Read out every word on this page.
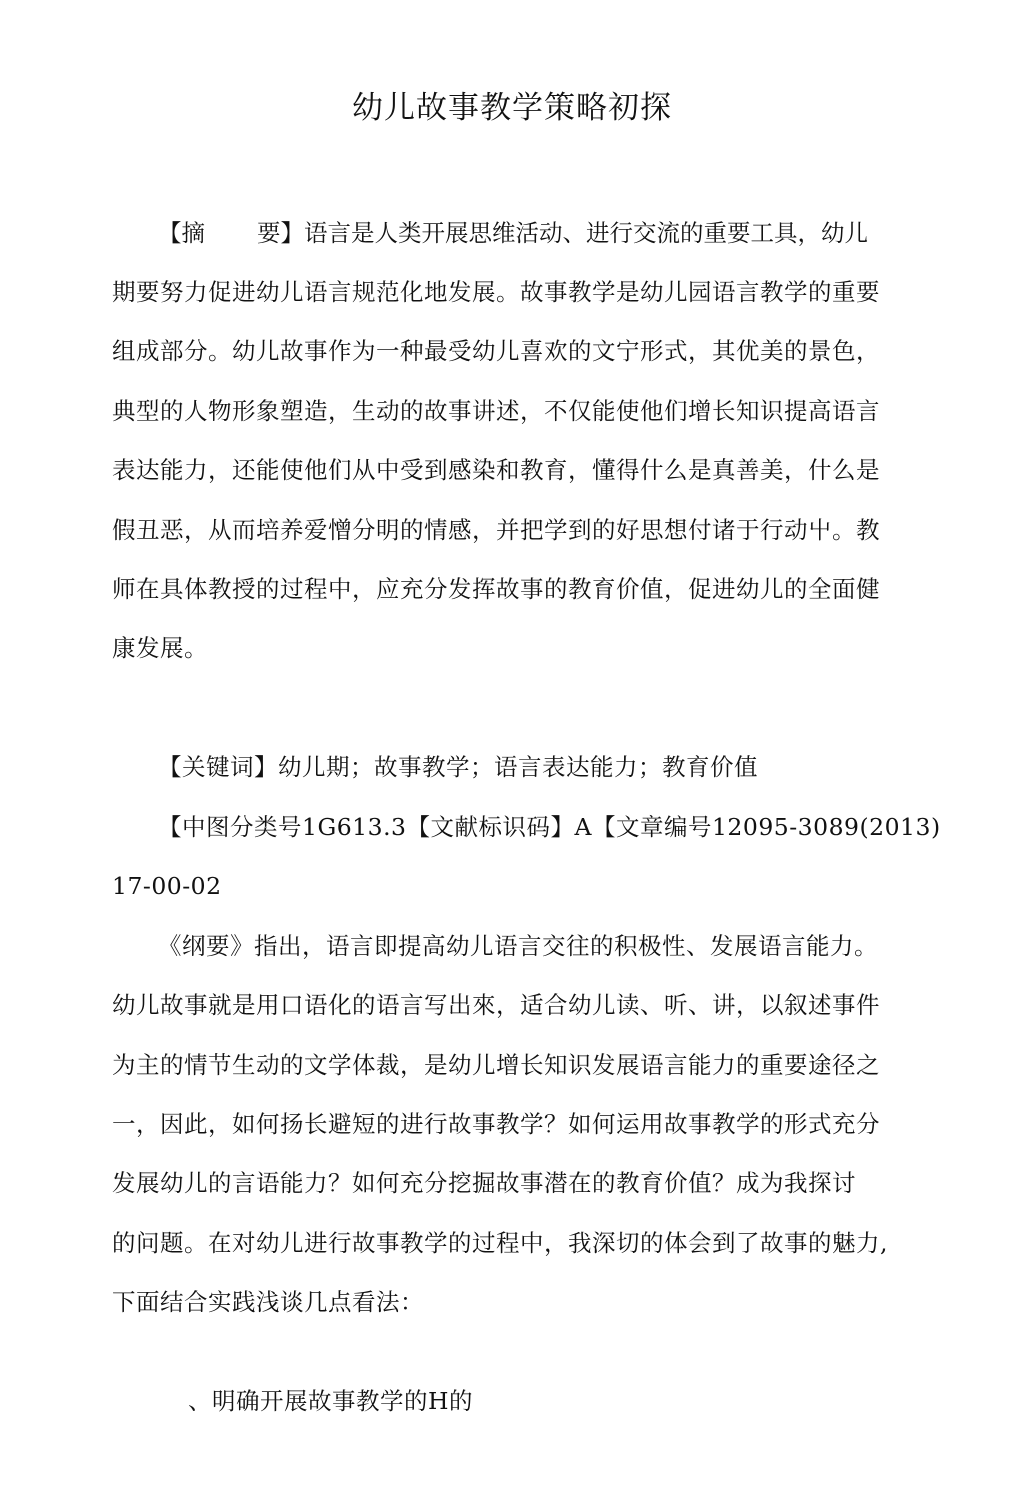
幼儿故事教学策略初探
【摘 要】语言是人类开展思维活动、进行交流的重要工具，幼儿
期要努力促进幼儿语言规范化地发展。故事教学是幼儿园语言教学的重要
组成部分。幼儿故事作为一种最受幼儿喜欢的文宁形式，其优美的景色，
典型的人物形象塑造，生动的故事讲述，不仅能使他们增长知识提高语言
表达能力，还能使他们从中受到感染和教育，懂得什么是真善美，什么是
假丑恶，从而培养爱憎分明的情感，并把学到的好思想付诸于行动屮。教
师在具体教授的过程中，应充分发挥故事的教育价值，促进幼儿的全面健
康发展。
【关键词】幼儿期；故事教学；语言表达能力；教育价值
【中图分类号1G613.3【文献标识码】A【文章编号12095-3089(2013)
17-00-02
《纲要》指出，语言即提高幼儿语言交往的积极性、发展语言能力。
幼儿故事就是用口语化的语言写出來，适合幼儿读、听、讲，以叙述事件
为主的情节生动的文学体裁，是幼儿增长知识发展语言能力的重要途径之
一，因此，如何扬长避短的进行故事教学？如何运用故事教学的形式充分
发展幼儿的言语能力？如何充分挖掘故事潜在的教育价值？成为我探讨
的问题。在对幼儿进行故事教学的过程中，我深切的体会到了故事的魅力,
下面结合实践浅谈几点看法：
、明确开展故事教学的H的
